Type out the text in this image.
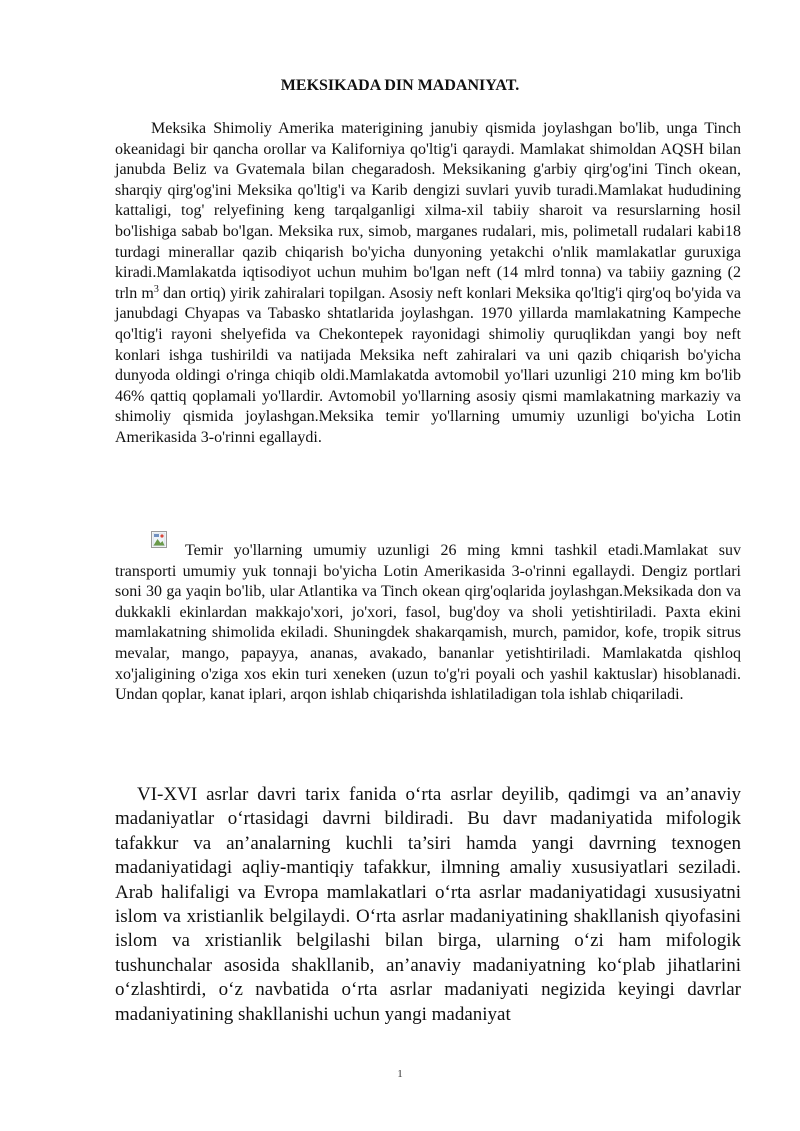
MEKSIKADA DIN MADANIYAT.

Meksika Shimoliy Amerika materigining janubiy qismida joylashgan bo'lib, unga Tinch okeanidagi bir qancha orollar va Kaliforniya qo'ltig'i qaraydi. Mamlakat shimoldan AQSH bilan janubda Beliz va Gvatemala bilan chegaradosh. Meksikaning g'arbiy qirg'og'ini Tinch okean, sharqiy qirg'og'ini Meksika qo'ltig'i va Karib dengizi suvlari yuvib turadi.Mamlakat hududining kattaligi, tog' relyefining keng tarqalganligi xilma-xil tabiiy sharoit va resurslarning hosil bo'lishiga sabab bo'lgan. Meksika rux, simob, marganes rudalari, mis, polimetall rudalari kabi18 turdagi minerallar qazib chiqarish bo'yicha dunyoning yetakchi o'nlik mamlakatlar guruxiga kiradi.Mamlakatda iqtisodiyot uchun muhim bo'lgan neft (14 mlrd tonna) va tabiiy gazning (2 trln $m^3$ dan ortiq) yirik zahiralari topilgan. Asosiy neft konlari Meksika qo'ltig'i qirg'oq bo'yida va janubdagi Chyapas va Tabasko shtatlarida joylashgan. 1970 yillarda mamlakatning Kampeche qo'ltig'i rayoni shelyefida va Chekontepek rayonidagi shimoliy quruqlikdan yangi boy neft konlari ishga tushirildi va natijada Meksika neft zahiralari va uni qazib chiqarish bo'yicha dunyoda oldingi o'ringa chiqib oldi.Mamlakatda avtomobil yo'llari uzunligi 210 ming km bo'lib 46% qattiq qoplamali yo'llardir. Avtomobil yo'llarning asosiy qismi mamlakatning markaziy va shimoliy qismida joylashgan.Meksika temir yo'llarning umumiy uzunligi bo'yicha Lotin Amerikasida 3-o'rinni egallaydi.

Temir yo'llarning umumiy uzunligi 26 ming kmni tashkil etadi.Mamlakat suv transporti umumiy yuk tonnaji bo'yicha Lotin Amerikasida 3-o'rinni egallaydi. Dengiz portlari soni 30 ga yaqin bo'lib, ular Atlantika va Tinch okean qirg'oqlarida joylashgan.Meksikada don va dukkakli ekinlardan makkajo'xori, jo'xori, fasol, bug'doy va sholi yetishtiriladi. Paxta ekini mamlakatning shimolida ekiladi. Shuningdek shakarqamish, murch, pamidor, kofe, tropik sitrus mevalar, mango, papayya, ananas, avakado, bananlar yetishtiriladi. Mamlakatda qishloq xo'jaligining o'ziga xos ekin turi xeneken (uzun to'g'ri poyali och yashil kaktuslar) hisoblanadi. Undan qoplar, kanat iplari, arqon ishlab chiqarishda ishlatiladigan tola ishlab chiqariladi.

VI-XVI asrlar davri tarix fanida o‘rta asrlar deyilib, qadimgi va an’anaviy madaniyatlar o‘rtasidagi davrni bildiradi. Bu davr madaniyatida mifologik tafakkur va an’analarning kuchli ta’siri hamda yangi davrning texnogen madaniyatidagi aqliy-mantiqiy tafakkur, ilmning amaliy xususiyatlari seziladi. Arab halifaligi va Evropa mamlakatlari o‘rta asrlar madaniyatidagi xususiyatni islom va xristianlik belgilaydi. O‘rta asrlar madaniyatining shakllanish qiyofasini islom va xristianlik belgilashi bilan birga, ularning o‘zi ham mifologik tushunchalar asosida shakllanib, an’anaviy madaniyatning ko‘plab jihatlarini o‘zlashtirdi, o‘z navbatida o‘rta asrlar madaniyati negizida keyingi davrlar madaniyatining shakllanishi uchun yangi madaniyat

1
